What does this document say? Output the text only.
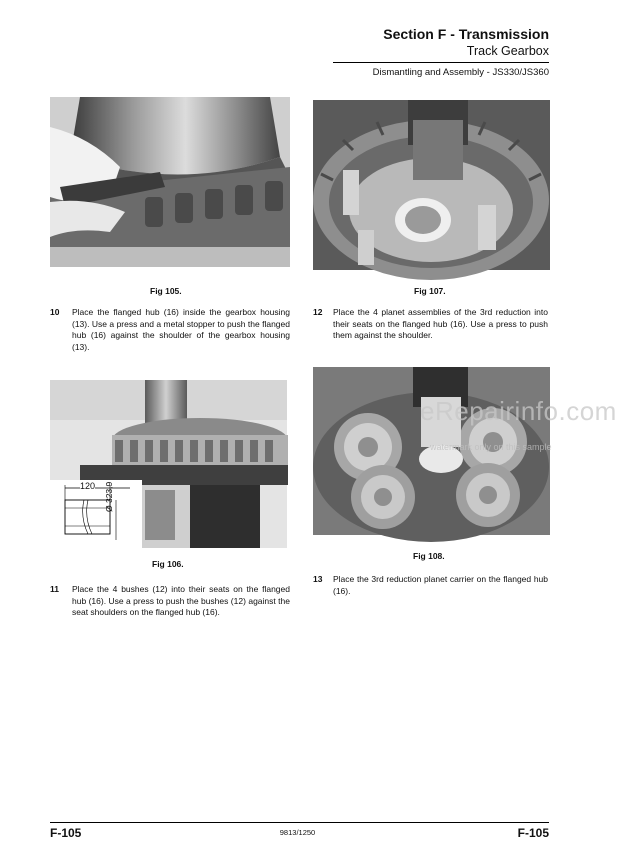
Section F - Transmission
Track Gearbox
Dismantling and Assembly - JS330/JS360
Fig 105.
10 Place the flanged hub (16) inside the gearbox housing (13). Use a press and a metal stopper to push the flanged hub (16) against the shoulder of the gearbox housing (13).
120 Ø 323,9
Fig 106.
11 Place the 4 bushes (12) into their seats on the flanged hub (16). Use a press to push the bushes (12) against the seat shoulders on the flanged hub (16).
Fig 107.
12 Place the 4 planet assemblies of the 3rd reduction into their seats on the flanged hub (16). Use a press to push them against the shoulder.
Fig 108.
13 Place the 3rd reduction planet carrier on the flanged hub (16).
eRepairinfo.com
watermark only on this sample
F-105	9813/1250	F-105
